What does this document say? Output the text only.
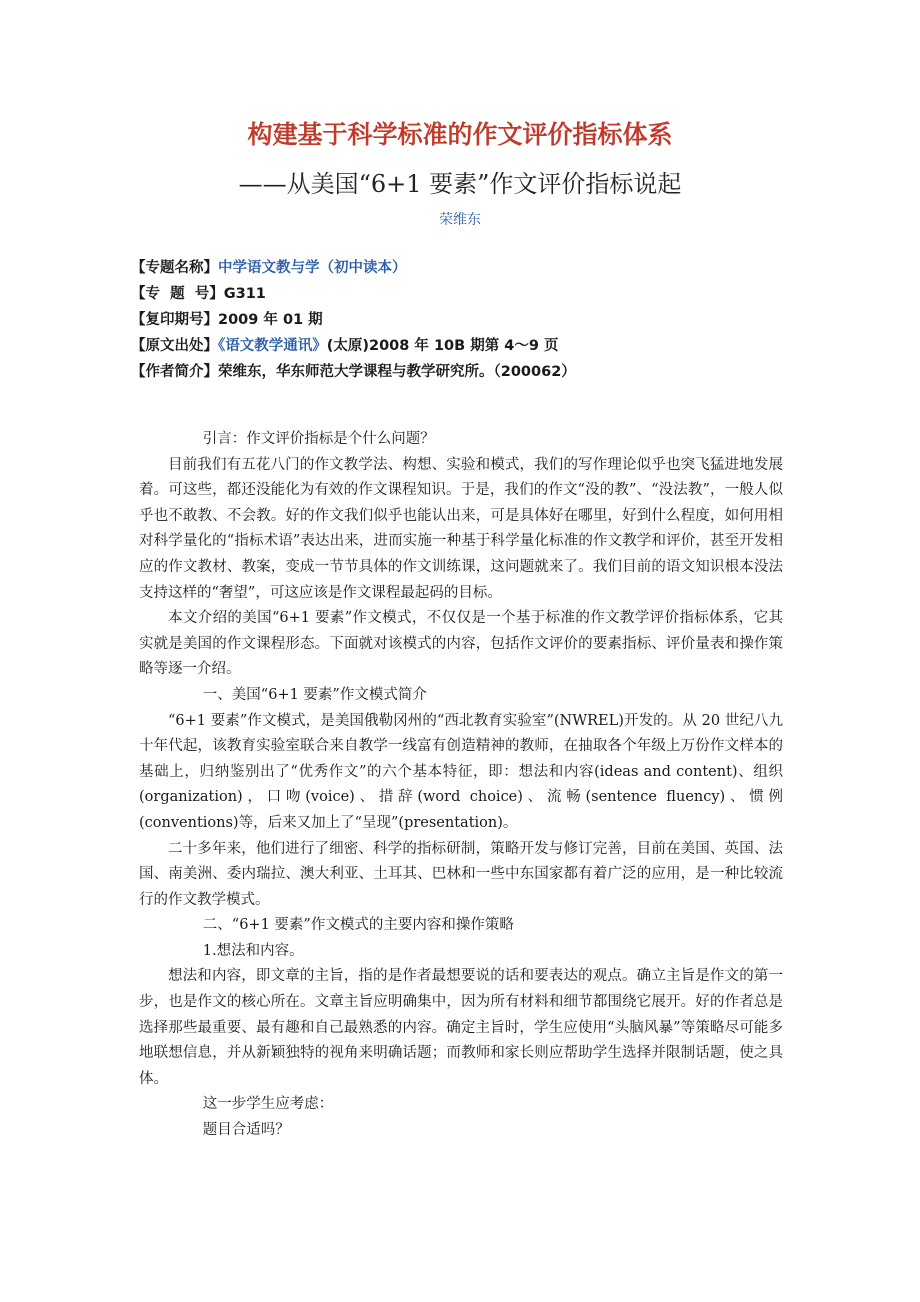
构建基于科学标准的作文评价指标体系
——从美国“6+1 要素”作文评价指标说起
荣维东
【专题名称】中学语文教与学（初中读本）
【专  题  号】G311
【复印期号】2009 年 01 期
【原文出处】《语文教学通讯》(太原)2008 年 10B 期第 4～9 页
【作者简介】荣维东，华东师范大学课程与教学研究所。（200062）

引言：作文评价指标是个什么问题？

目前我们有五花八门的作文教学法、构想、实验和模式，我们的写作理论似乎也突飞猛进地发展着。可这些，都还没能化为有效的作文课程知识。于是，我们的作文“没的教”、“没法教”，一般人似乎也不敢教、不会教。好的作文我们似乎也能认出来，可是具体好在哪里，好到什么程度，如何用相对科学量化的“指标术语”表达出来，进而实施一种基于科学量化标准的作文教学和评价，甚至开发相应的作文教材、教案，变成一节节具体的作文训练课，这问题就来了。我们目前的语文知识根本没法支持这样的“奢望”，可这应该是作文课程最起码的目标。

本文介绍的美国“6+1 要素”作文模式，不仅仅是一个基于标准的作文教学评价指标体系，它其实就是美国的作文课程形态。下面就对该模式的内容，包括作文评价的要素指标、评价量表和操作策略等逐一介绍。

一、美国“6+1 要素”作文模式简介

“6+1 要素”作文模式，是美国俄勒冈州的“西北教育实验室”(NWREL)开发的。从 20 世纪八九十年代起，该教育实验室联合来自教学一线富有创造精神的教师，在抽取各个年级上万份作文样本的基础上，归纳鉴别出了“优秀作文”的六个基本特征，即：想法和内容(ideas and content)、组织(organization)，口吻(voice)、措辞(word choice)、流畅(sentence fluency)、惯例(conventions)等，后来又加上了“呈现”(presentation)。

二十多年来，他们进行了细密、科学的指标研制，策略开发与修订完善，目前在美国、英国、法国、南美洲、委内瑞拉、澳大利亚、土耳其、巴林和一些中东国家都有着广泛的应用，是一种比较流行的作文教学模式。

二、“6+1 要素”作文模式的主要内容和操作策略

1.想法和内容。

想法和内容，即文章的主旨，指的是作者最想要说的话和要表达的观点。确立主旨是作文的第一步，也是作文的核心所在。文章主旨应明确集中，因为所有材料和细节都围绕它展开。好的作者总是选择那些最重要、最有趣和自己最熟悉的内容。确定主旨时，学生应使用“头脑风暴”等策略尽可能多地联想信息，并从新颖独特的视角来明确话题；而教师和家长则应帮助学生选择并限制话题，使之具体。

这一步学生应考虑：

题目合适吗？
